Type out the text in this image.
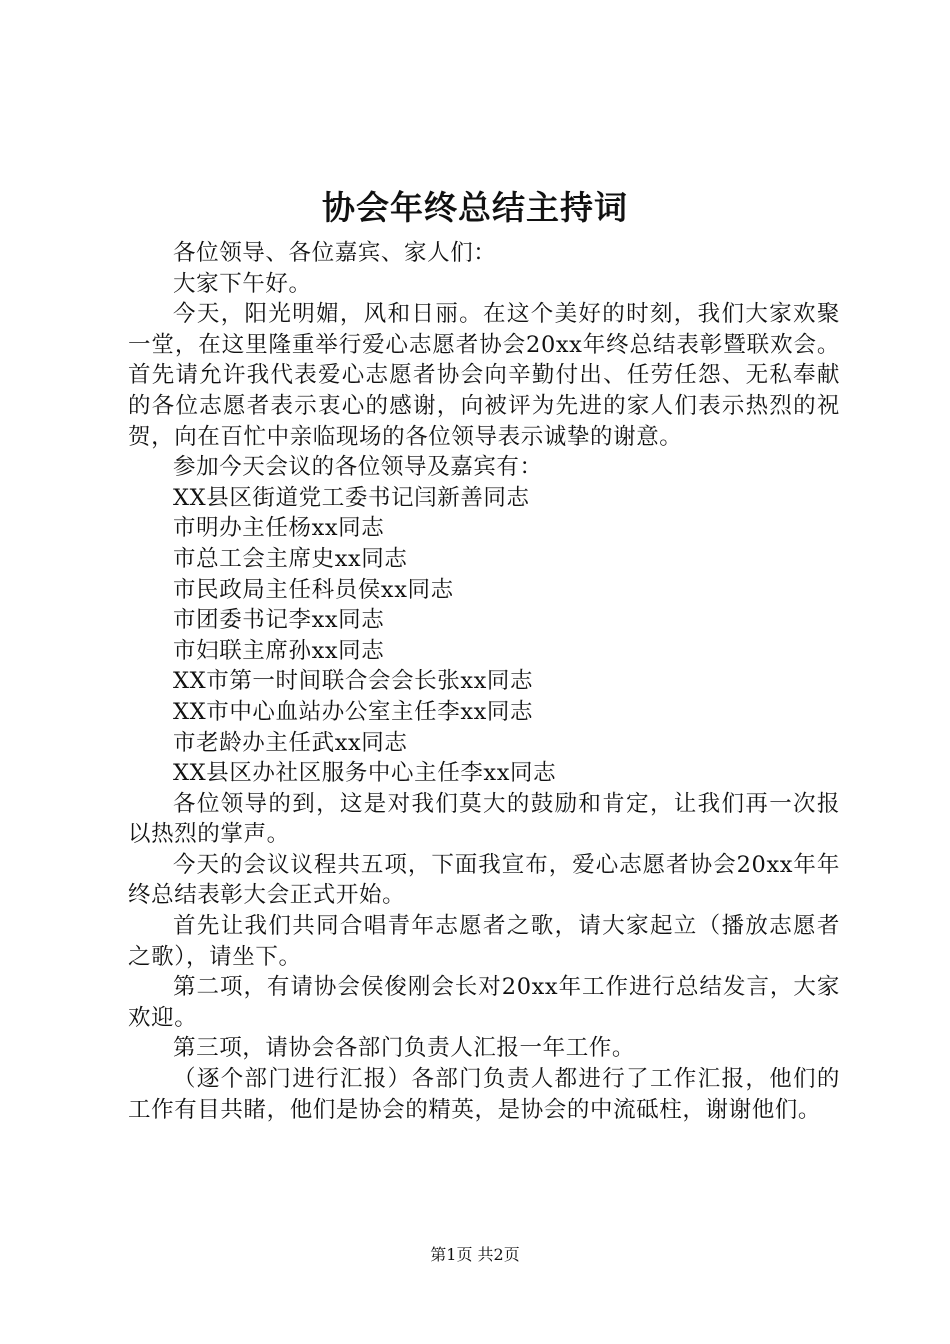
协会年终总结主持词

各位领导、各位嘉宾、家人们：

大家下午好。

今天，阳光明媚，风和日丽。在这个美好的时刻，我们大家欢聚一堂，在这里隆重举行爱心志愿者协会20xx年终总结表彰暨联欢会。首先请允许我代表爱心志愿者协会向辛勤付出、任劳任怨、无私奉献的各位志愿者表示衷心的感谢，向被评为先进的家人们表示热烈的祝贺，向在百忙中亲临现场的各位领导表示诚挚的谢意。

参加今天会议的各位领导及嘉宾有：

XX县区街道党工委书记闫新善同志

市明办主任杨xx同志

市总工会主席史xx同志

市民政局主任科员侯xx同志

市团委书记李xx同志

市妇联主席孙xx同志

XX市第一时间联合会会长张xx同志

XX市中心血站办公室主任李xx同志

市老龄办主任武xx同志

XX县区办社区服务中心主任李xx同志

各位领导的到，这是对我们莫大的鼓励和肯定，让我们再一次报以热烈的掌声。

今天的会议议程共五项，下面我宣布，爱心志愿者协会20xx年年终总结表彰大会正式开始。

首先让我们共同合唱青年志愿者之歌，请大家起立（播放志愿者之歌），请坐下。

第二项，有请协会侯俊刚会长对20xx年工作进行总结发言，大家欢迎。

第三项，请协会各部门负责人汇报一年工作。

（逐个部门进行汇报）各部门负责人都进行了工作汇报，他们的工作有目共睹，他们是协会的精英，是协会的中流砥柱，谢谢他们。

第1页 共2页
